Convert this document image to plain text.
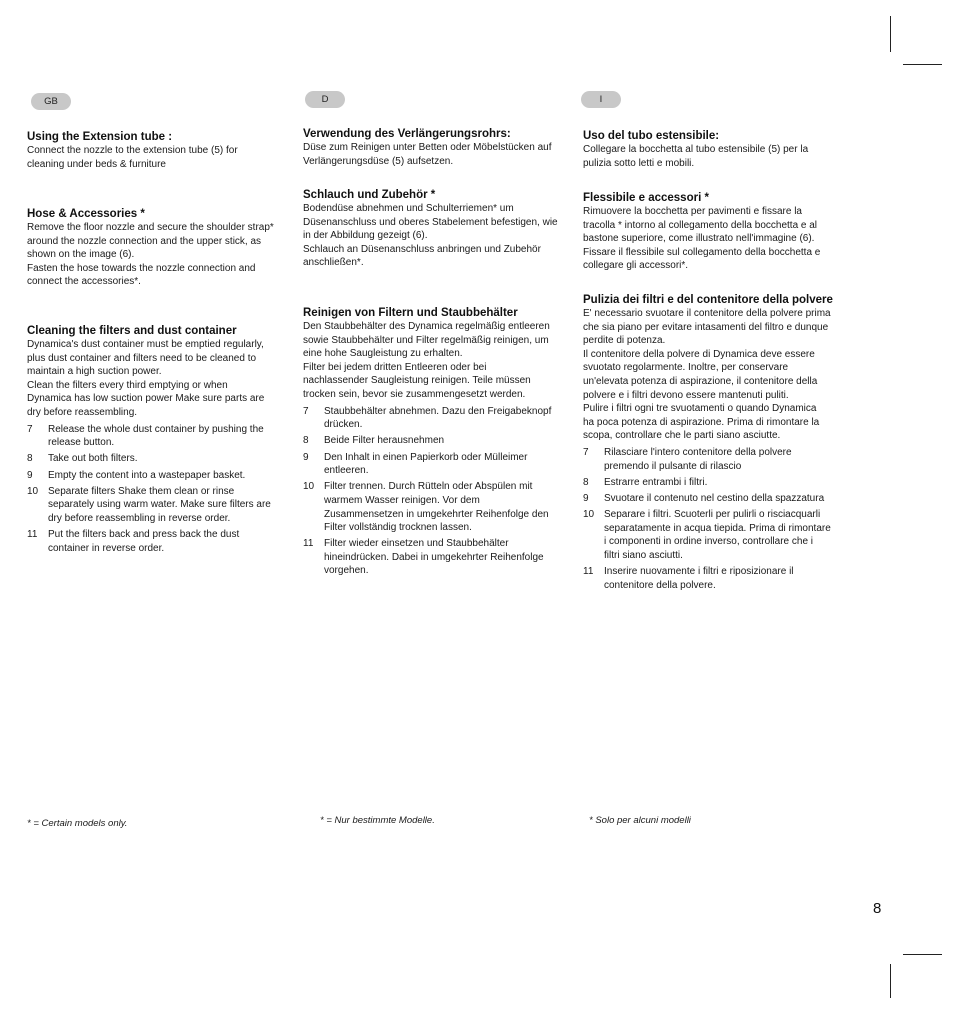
GB
Using the Extension tube :

Connect the nozzle to the extension tube (5) for
cleaning under beds & furniture

Hose & Accessories *

Remove the floor nozzle and secure the shoulder strap*
around the nozzle connection and the upper stick, as
shown on the image (6).
Fasten the hose towards the nozzle connection and
connect the accessories*.

Cleaning the filters and dust container

Dynamica's dust container must be emptied regularly,
plus dust container and filters need to be cleaned to
maintain a high suction power.
Clean the filters every third emptying or when
Dynamica has low suction power Make sure parts are
dry before reassembling.

7	Release the whole dust container by pushing the
release button.
8	Take out both filters.
9	Empty the content into a wastepaper basket.
10 Separate filters Shake them clean or rinse
separately using warm water. Make sure filters are
dry before reassembling in reverse order.
11	Put the filters back and press back the dust
container in reverse order.
* = Certain models only.
D
Verwendung des Verlängerungsrohrs:

Düse zum Reinigen unter Betten oder Möbelstücken auf
Verlängerungsdüse (5) aufsetzen.

Schlauch und Zubehör *

Bodendüse abnehmen und Schulterriemen* um
Düsenanschluss und oberes Stabelement befestigen, wie
in der Abbildung gezeigt (6).
Schlauch an Düsenanschluss anbringen und Zubehör
anschließen*.

Reinigen von Filtern und Staubbehälter

Den Staubbehälter des Dynamica regelmäßig entleeren
sowie Staubbehälter und Filter regelmäßig reinigen, um
eine hohe Saugleistung zu erhalten.
Filter bei jedem dritten Entleeren oder bei
nachlassender Saugleistung reinigen. Teile müssen
trocken sein, bevor sie zusammengesetzt werden.

7	Staubbehälter abnehmen. Dazu den Freigabeknopf
drücken.
8	Beide Filter herausnehmen
9	Den Inhalt in einen Papierkorb oder Mülleimer
entleeren.
10 Filter trennen. Durch Rütteln oder Abspülen mit
warmem Wasser reinigen. Vor dem
Zusammensetzen in umgekehrter Reihenfolge den
Filter vollständig trocknen lassen.
11	Filter wieder einsetzen und Staubbehälter
hineindrücken. Dabei in umgekehrter Reihenfolge
vorgehen.
* = Nur bestimmte Modelle.
I
Uso del tubo estensibile:

Collegare la bocchetta al tubo estensibile (5) per la
pulizia sotto letti e mobili.

Flessibile e accessori *

Rimuovere la bocchetta per pavimenti e fissare la
tracolla * intorno al collegamento della bocchetta e al
bastone superiore, come illustrato nell'immagine (6).
Fissare il flessibile sul collegamento della bocchetta e
collegare gli accessori*.

Pulizia dei filtri e del contenitore della polvere

E' necessario svuotare il contenitore della polvere prima
che sia piano per evitare intasamenti del filtro e dunque
perdite di potenza.
Il contenitore della polvere di Dynamica deve essere
svuotato regolarmente. Inoltre, per conservare
un'elevata potenza di aspirazione, il contenitore della
polvere e i filtri devono essere mantenuti puliti.
Pulire i filtri ogni tre svuotamenti o quando Dynamica
ha poca potenza di aspirazione. Prima di rimontare la
scopa, controllare che le parti siano asciutte.

7	Rilasciare l'intero contenitore della polvere
premendo il pulsante di rilascio
8	Estrarre entrambi i filtri.
9	Svuotare il contenuto nel cestino della spazzatura
10 Separare i filtri. Scuoterli per pulirli o risciacquarli
separatamente in acqua tiepida. Prima di rimontare
i componenti in ordine inverso, controllare che i
filtri siano asciutti.
11	Inserire nuovamente i filtri e riposizionare il
contenitore della polvere.
* Solo per alcuni modelli
8
